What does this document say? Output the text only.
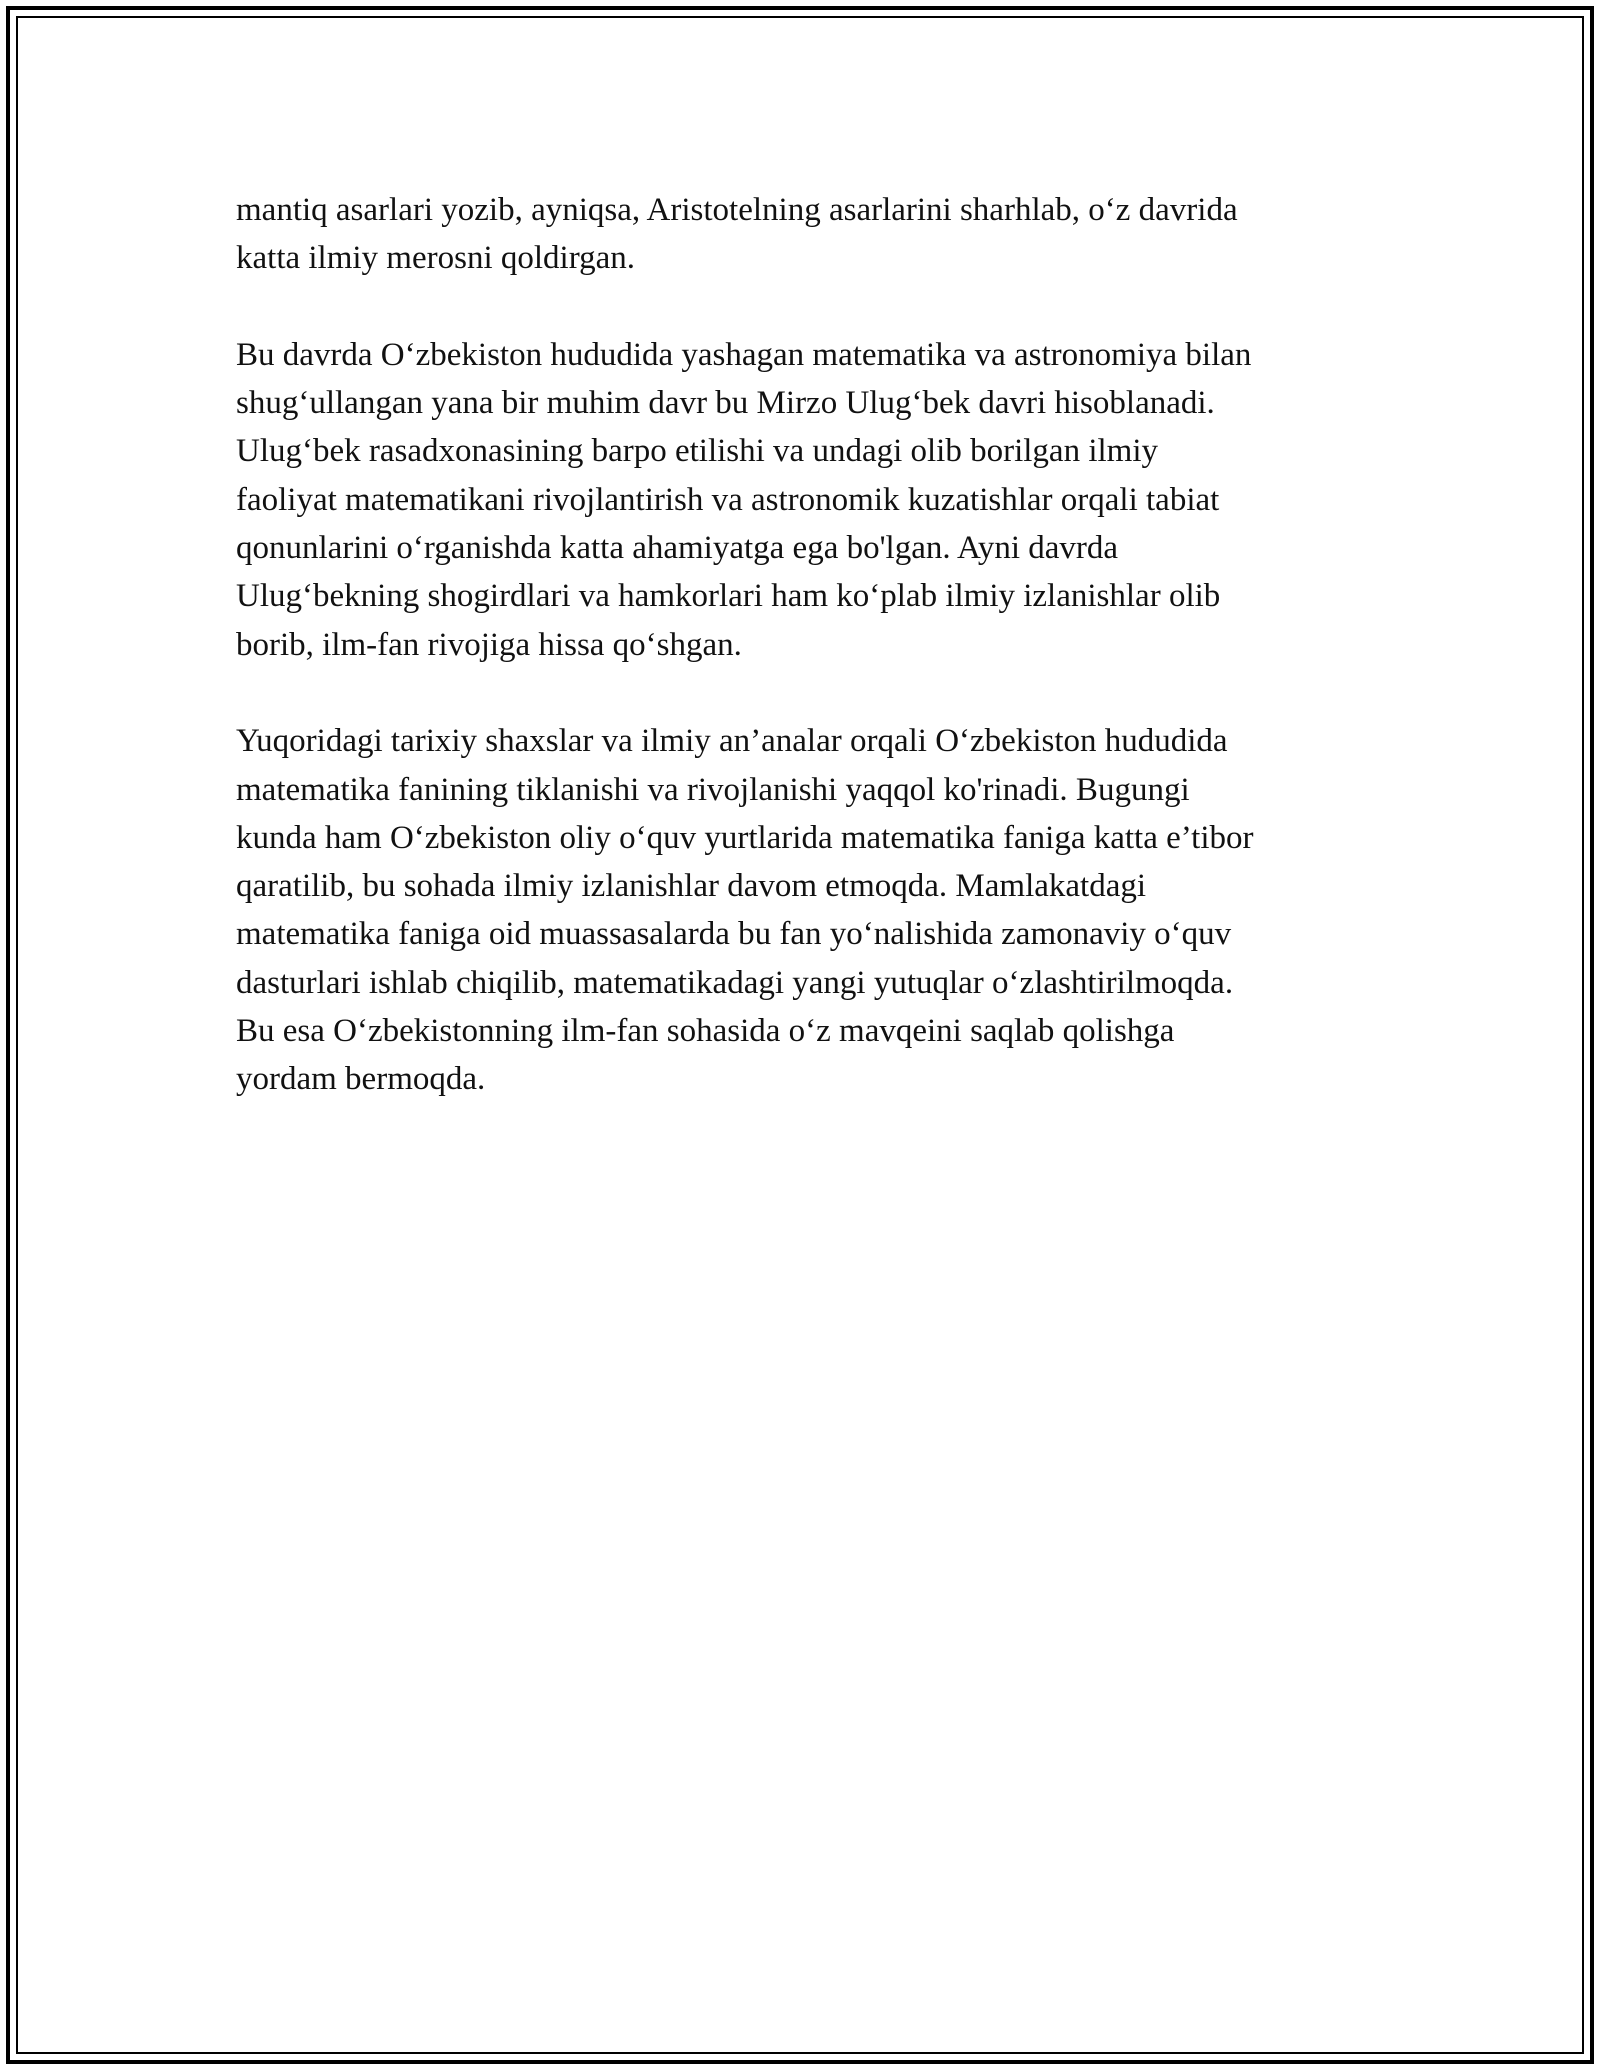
mantiq asarlari yozib, ayniqsa, Aristotelning asarlarini sharhlab, o‘z davrida
katta ilmiy merosni qoldirgan.

Bu davrda O‘zbekiston hududida yashagan matematika va astronomiya bilan
shug‘ullangan yana bir muhim davr bu Mirzo Ulug‘bek davri hisoblanadi.
Ulug‘bek rasadxonasining barpo etilishi va undagi olib borilgan ilmiy
faoliyat matematikani rivojlantirish va astronomik kuzatishlar orqali tabiat
qonunlarini o‘rganishda katta ahamiyatga ega bo'lgan. Ayni davrda
Ulug‘bekning shogirdlari va hamkorlari ham ko‘plab ilmiy izlanishlar olib
borib, ilm-fan rivojiga hissa qo‘shgan.

Yuqoridagi tarixiy shaxslar va ilmiy an’analar orqali O‘zbekiston hududida
matematika fanining tiklanishi va rivojlanishi yaqqol ko'rinadi. Bugungi
kunda ham O‘zbekiston oliy o‘quv yurtlarida matematika faniga katta e’tibor
qaratilib, bu sohada ilmiy izlanishlar davom etmoqda. Mamlakatdagi
matematika faniga oid muassasalarda bu fan yo‘nalishida zamonaviy o‘quv
dasturlari ishlab chiqilib, matematikadagi yangi yutuqlar o‘zlashtirilmoqda.
Bu esa O‘zbekistonning ilm-fan sohasida o‘z mavqeini saqlab qolishga
yordam bermoqda.
